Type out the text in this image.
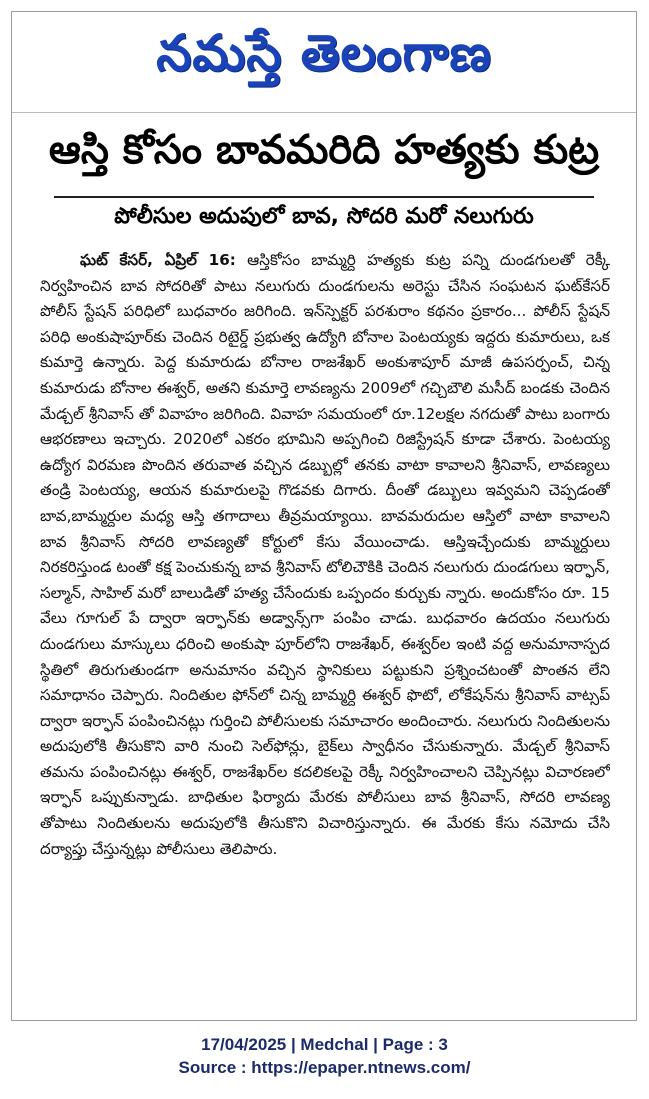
నమస్తే తెలంగాణ
ఆస్తి కోసం బావమరిది హత్యకు కుట్ర
పోలీసుల అదుపులో బావ, సోదరి మరో నలుగురు

ఘట్ కేసర్, ఏప్రిల్ 16: ఆస్తికోసం బామ్మర్ది హత్యకు కుట్ర పన్ని దుండగులతో రెక్కీ నిర్వహించిన బావ సోదరితో పాటు నలుగురు దుండగులను అరెస్టు చేసిన సంఘటన ఘట్‌కేసర్ పోలీస్ స్టేషన్ పరిధిలో బుధవారం జరిగింది. ఇన్‌స్పెక్టర్ పరశురాం కథనం ప్రకారం... పోలీస్ స్టేషన్ పరిధి అంకుషాపూర్‌కు చెందిన రిటైర్డ్ ప్రభుత్వ ఉద్యోగి బోనాల పెంటయ్యకు ఇద్దరు కుమారులు, ఒక కుమార్తె ఉన్నారు. పెద్ద కుమారుడు బోనాల రాజశేఖర్ అంకుశాపూర్ మాజీ ఉపసర్పంచ్, చిన్న కుమారుడు బోనాల ఈశ్వర్, అతని కుమార్తె లావణ్యను 2009లో గచ్చిబౌలి మసీద్ బండకు చెందిన మేడ్చల్ శ్రీనివాస్ తో వివాహం జరిగింది. వివాహ సమయంలో రూ.12లక్షల నగదుతో పాటు బంగారు ఆభరణాలు ఇచ్చారు. 2020లో ఎకరం భూమిని అప్పగించి రిజిస్ట్రేషన్ కూడా చేశారు. పెంటయ్య ఉద్యోగ విరమణ పొందిన తరువాత వచ్చిన డబ్బుల్లో తనకు వాటా కావాలని శ్రీనివాస్, లావణ్యలు తండ్రి పెంటయ్య, ఆయన కుమారులపై గొడవకు దిగారు. దీంతో డబ్బులు ఇవ్వమని చెప్పడంతో బావ,బామ్మర్దుల మధ్య ఆస్తి తగాదాలు తీవ్రమయ్యాయి. బావమరుదుల ఆస్తిలో వాటా కావాలని బావ శ్రీనివాస్ సోదరి లావణ్యతో కోర్టులో కేసు వేయించాడు. ఆస్తిఇచ్చేందుకు బామ్మర్దులు నిరకరిస్తుండ టంతో కక్ష పెంచుకున్న బావ శ్రీనివాస్ టోలిచౌకికి చెందిన నలుగురు దుండగులు ఇర్ఫాన్, సల్మాన్, సాహిల్ మరో బాలుడితో హత్య చేసేందుకు ఒప్పందం కుర్చుకు న్నారు. అందుకోసం రూ. 15 వేలు గూగుల్ పే ద్వారా ఇర్ఫాన్‌కు అడ్వాన్స్‌గా పంపిం చాడు. బుధవారం ఉదయం నలుగురు దుండగులు మాస్కులు ధరించి అంకుషా పూర్‌లోని రాజశేఖర్, ఈశ్వర్‌ల ఇంటి వద్ద అనుమానాస్పద స్థితిలో తిరుగుతుండగా అనుమానం వచ్చిన స్థానికులు పట్టుకుని ప్రశ్నించటంతో పొంతన లేని సమాధానం చెప్పారు. నిందితుల ఫోన్‌లో చిన్న బామ్మర్ది ఈశ్వర్ ఫొటో, లోకేషన్‌ను శ్రీనివాస్ వాట్సప్ ద్వారా ఇర్ఫాన్ పంపించినట్లు గుర్తించి పోలీసులకు సమాచారం అందించారు. నలుగురు నిందితులను అదుపులోకి తీసుకొని వారి నుంచి సెల్‌ఫోన్లు, బైక్‌లు స్వాధీనం చేసుకున్నారు. మేడ్చల్ శ్రీనివాస్ తమను పంపించినట్లు ఈశ్వర్, రాజశేఖర్‌ల కదలికలపై రెక్కీ నిర్వహించాలని చెప్పినట్లు విచారణలో ఇర్ఫాన్ ఒప్పుకున్నాడు. బాధితుల ఫిర్యాదు మేరకు పోలీసులు బావ శ్రీనివాస్, సోదరి లావణ్య తోపాటు నిందితులను అదుపులోకి తీసుకొని విచారిస్తున్నారు. ఈ మేరకు కేసు నమోదు చేసి దర్యాప్తు చేస్తున్నట్లు పోలీసులు తెలిపారు.

17/04/2025 | Medchal | Page : 3
Source : https://epaper.ntnews.com/
